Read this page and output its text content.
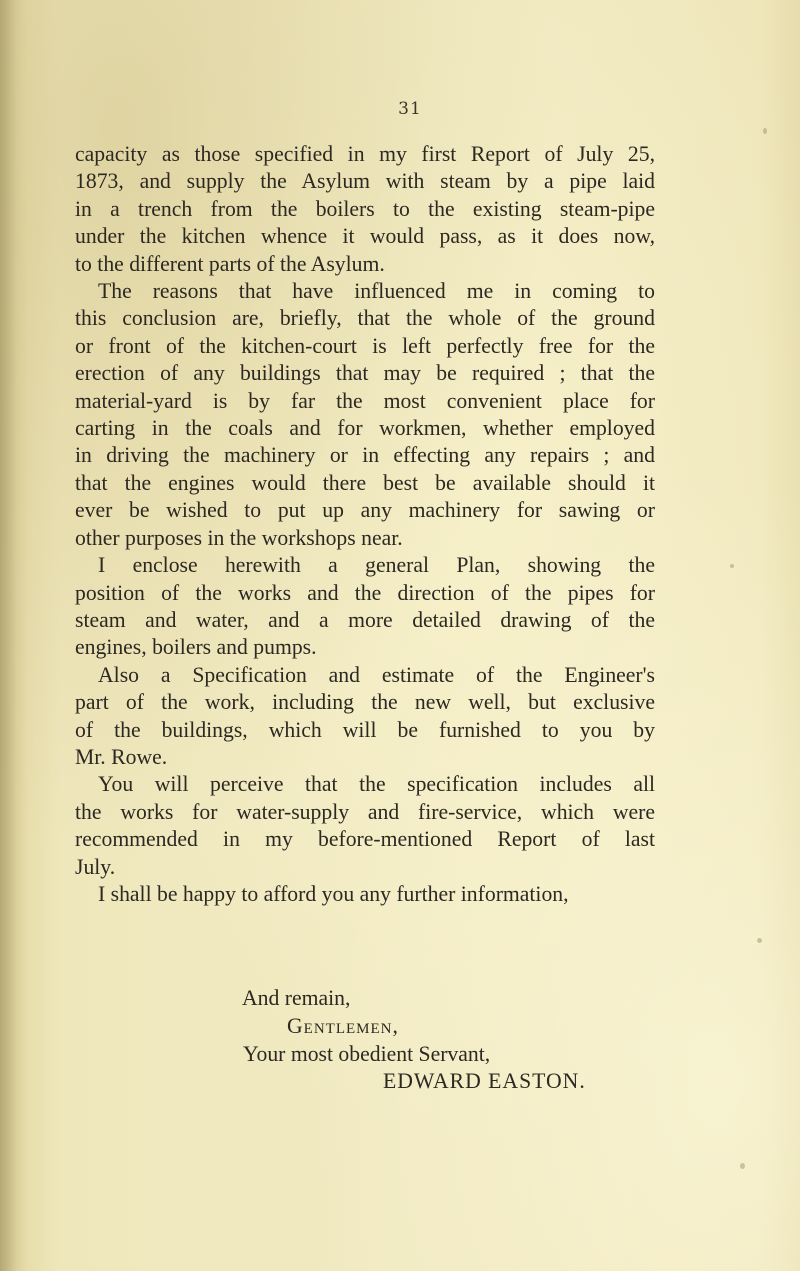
31
capacity as those specified in my first Report of July 25,
1873, and supply the Asylum with steam by a pipe laid
in a trench from the boilers to the existing steam-pipe
under the kitchen whence it would pass, as it does now,
to the different parts of the Asylum.
The reasons that have influenced me in coming to
this conclusion are, briefly, that the whole of the ground
or front of the kitchen-court is left perfectly free for the
erection of any buildings that may be required ; that the
material-yard is by far the most convenient place for
carting in the coals and for workmen, whether employed
in driving the machinery or in effecting any repairs ; and
that the engines would there best be available should it
ever be wished to put up any machinery for sawing or
other purposes in the workshops near.
I enclose herewith a general Plan, showing the
position of the works and the direction of the pipes for
steam and water, and a more detailed drawing of the
engines, boilers and pumps.
Also a Specification and estimate of the Engineer's
part of the work, including the new well, but exclusive
of the buildings, which will be furnished to you by
Mr. Rowe.
You will perceive that the specification includes all
the works for water-supply and fire-service, which were
recommended in my before-mentioned Report of last
July.
I shall be happy to afford you any further information,
And remain,
Gentlemen,
Your most obedient Servant,
EDWARD EASTON.
